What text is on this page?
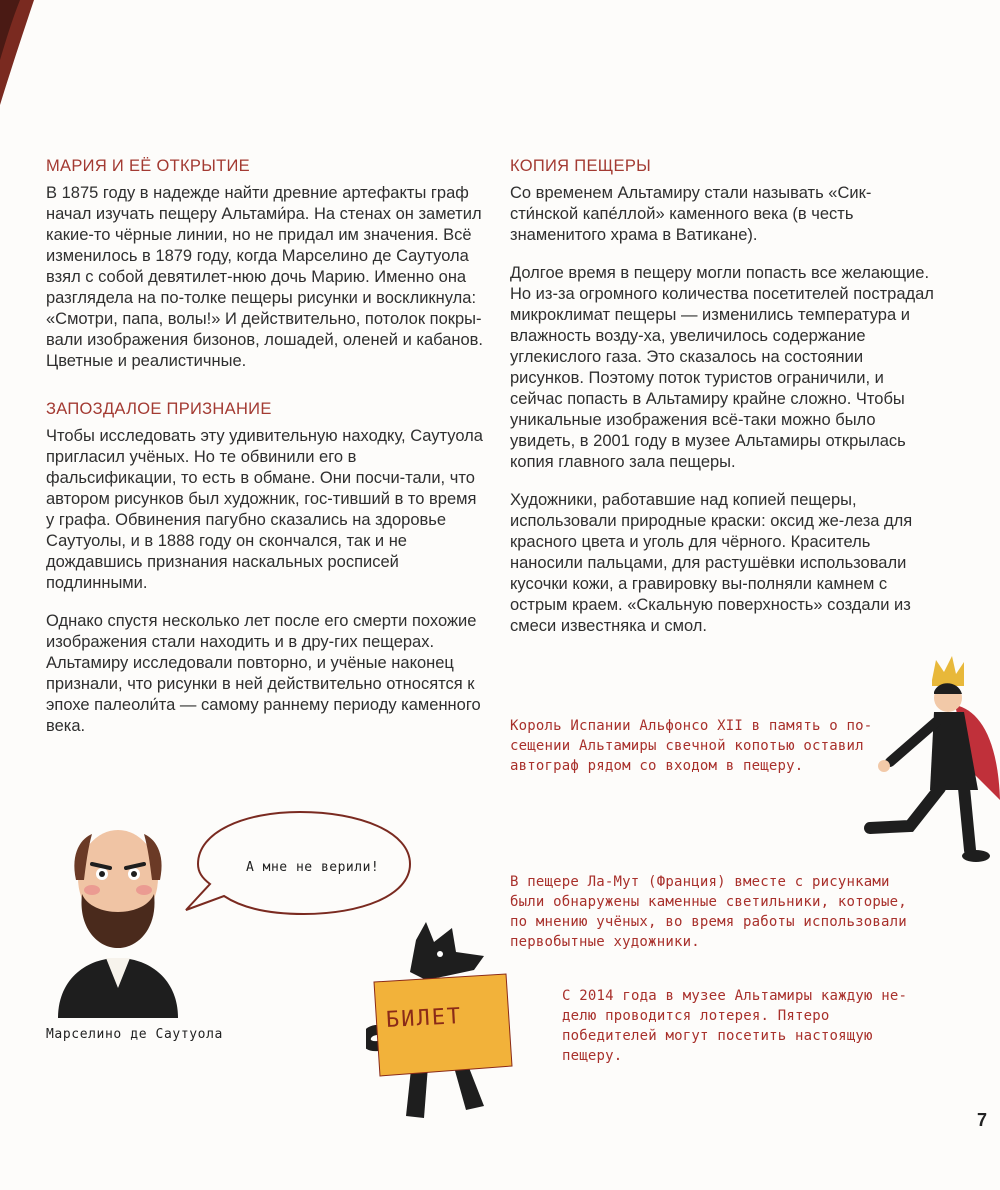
МАРИЯ И ЕЁ ОТКРЫТИЕ

В 1875 году в надежде найти древние артефакты граф начал изучать пещеру Альтами́ра. На стенах он заметил какие-то чёрные линии, но не придал им значения. Всё изменилось в 1879 году, когда Марселино де Саутуола взял с собой девятилет-нюю дочь Марию. Именно она разглядела на по-толке пещеры рисунки и воскликнула: «Смотри, папа, волы!» И действительно, потолок покры-вали изображения бизонов, лошадей, оленей и кабанов. Цветные и реалистичные.

ЗАПОЗДАЛОЕ ПРИЗНАНИЕ

Чтобы исследовать эту удивительную находку, Саутуола пригласил учёных. Но те обвинили его в фальсификации, то есть в обмане. Они посчи-тали, что автором рисунков был художник, гос-тивший в то время у графа. Обвинения пагубно сказались на здоровье Саутуолы, и в 1888 году он скончался, так и не дождавшись признания наскальных росписей подлинными.

Однако спустя несколько лет после его смерти похожие изображения стали находить и в дру-гих пещерах. Альтамиру исследовали повторно, и учёные наконец признали, что рисунки в ней действительно относятся к эпохе палеоли́та — самому раннему периоду каменного века.

КОПИЯ ПЕЩЕРЫ

Со временем Альтамиру стали называть «Сик-сти́нской капе́ллой» каменного века (в честь знаменитого храма в Ватикане).

Долгое время в пещеру могли попасть все желающие. Но из-за огромного количества посетителей пострадал микроклимат пещеры — изменились температура и влажность возду-ха, увеличилось содержание углекислого газа. Это сказалось на состоянии рисунков. Поэтому поток туристов ограничили, и сейчас попасть в Альтамиру крайне сложно. Чтобы уникальные изображения всё-таки можно было увидеть, в 2001 году в музее Альтамиры открылась копия главного зала пещеры.

Художники, работавшие над копией пещеры, использовали природные краски: оксид же-леза для красного цвета и уголь для чёрного. Краситель наносили пальцами, для растушёвки использовали кусочки кожи, а гравировку вы-полняли камнем с острым краем. «Скальную поверхность» создали из смеси известняка и смол.

Король Испании Альфонсо XII в память о по-сещении Альтамиры свечной копотью оставил автограф рядом со входом в пещеру.
В пещере Ла-Мут (Франция) вместе с рисунками были обнаружены каменные светильники, которые, по мнению учёных, во время работы использовали первобытные художники.
С 2014 года в музее Альтамиры каждую не-делю проводится лотерея. Пятеро победителей могут посетить настоящую пещеру.
А мне не верили!
Марселино де Саутуола
БИЛЕТ
7
